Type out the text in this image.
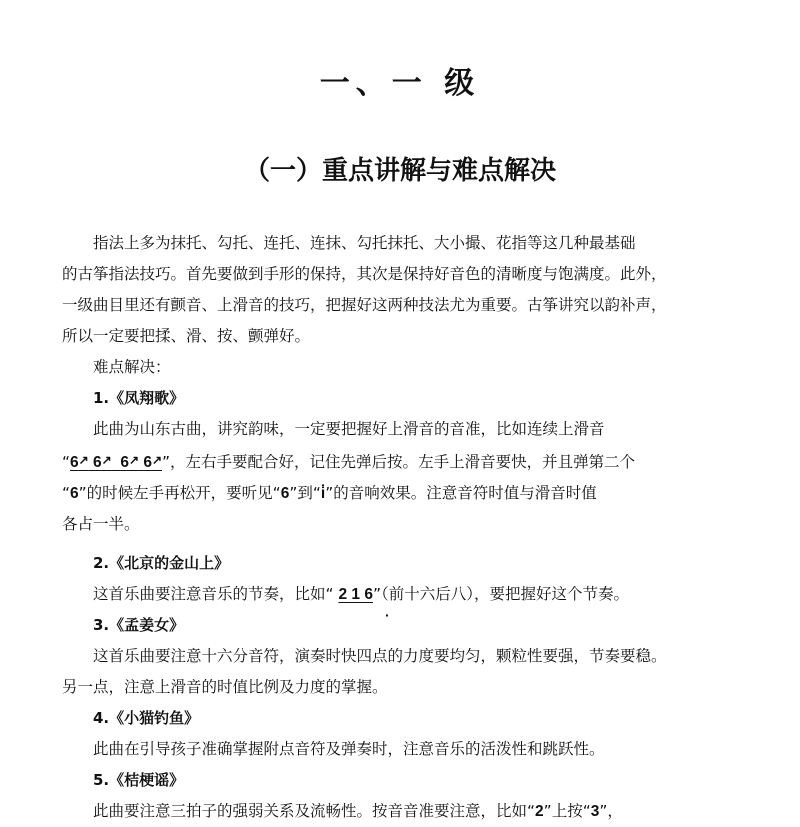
一、一 级
（一）重点讲解与难点解决

指法上多为抹托、勾托、连托、连抹、勾托抹托、大小撮、花指等这几种最基础

的古筝指法技巧。首先要做到手形的保持，其次是保持好音色的清晰度与饱满度。此外，

一级曲目里还有颤音、上滑音的技巧，把握好这两种技法尤为重要。古筝讲究以韵补声，

所以一定要把揉、滑、按、颤弹好。

难点解决：

1.《凤翔歌》

此曲为山东古曲，讲究韵味，一定要把握好上滑音的音准，比如连续上滑音

“6↗ 6↗ 6↗ 6↗”，左右手要配合好，记住先弹后按。左手上滑音要快，并且弹第二个

“6”的时候左手再松开，要听见“6”到“i̇”的音响效果。注意音符时值与滑音时值

各占一半。

2.《北京的金山上》

这首乐曲要注意音乐的节奏，比如“ 2 1 6 ·”（前十六后八），要把握好这个节奏。

3.《孟姜女》

这首乐曲要注意十六分音符，演奏时快四点的力度要均匀，颗粒性要强，节奏要稳。

另一点，注意上滑音的时值比例及力度的掌握。

4.《小猫钓鱼》

此曲在引导孩子准确掌握附点音符及弹奏时，注意音乐的活泼性和跳跃性。

5.《桔梗谣》

此曲要注意三拍子的强弱关系及流畅性。按音音准要注意，比如“2”上按“3”，
